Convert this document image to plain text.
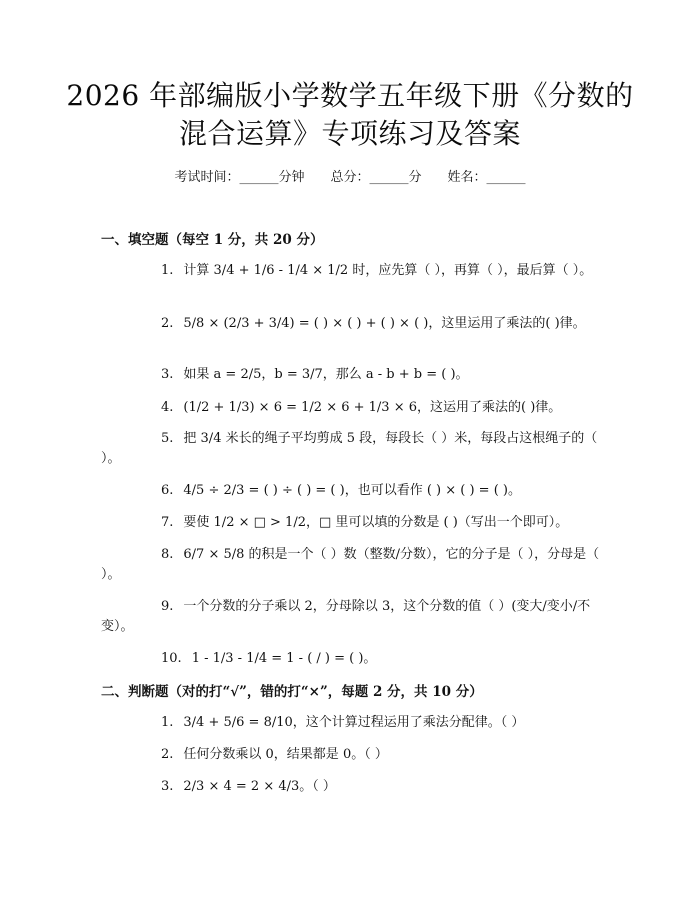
2026 年部编版小学数学五年级下册《分数的
混合运算》专项练习及答案
考试时间：______分钟 总分：______分 姓名：______
一、填空题（每空 1 分，共 20 分）
1. 计算 3/4 + 1/6 - 1/4 × 1/2 时，应先算（ ），再算（ ），最后算（ ）。
2. 5/8 × (2/3 + 3/4) = ( ) × ( ) + ( ) × ( )，这里运用了乘法的( )律。
3. 如果 a = 2/5，b = 3/7，那么 a - b + b = ( )。
4. (1/2 + 1/3) × 6 = 1/2 × 6 + 1/3 × 6，这运用了乘法的( )律。
5. 把 3/4 米长的绳子平均剪成 5 段，每段长（ ）米，每段占这根绳子的（ ）。
6. 4/5 ÷ 2/3 = ( ) ÷ ( ) = ( )，也可以看作 ( ) × ( ) = ( )。
7. 要使 1/2 × □ > 1/2，□ 里可以填的分数是 ( )（写出一个即可）。
8. 6/7 × 5/8 的积是一个（ ）数（整数/分数），它的分子是（ ），分母是（ ）。
9. 一个分数的分子乘以 2，分母除以 3，这个分数的值（ ）(变大/变小/不变）。
10. 1 - 1/3 - 1/4 = 1 - ( / ) = ( )。
二、判断题（对的打“√”，错的打“×”，每题 2 分，共 10 分）
1. 3/4 + 5/6 = 8/10，这个计算过程运用了乘法分配律。（ ）
2. 任何分数乘以 0，结果都是 0。（ ）
3. 2/3 × 4 = 2 × 4/3。（ ）
